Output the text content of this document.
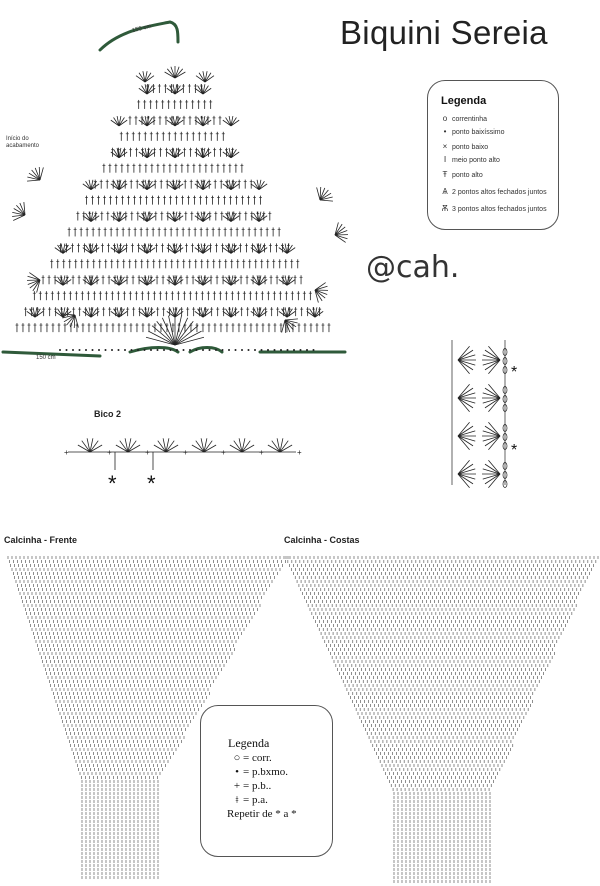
Biquini Sereia
+	+	+	+	+	+
+
150 cm
150 cm
Início do
acabamento
Legenda
o correntinha
• ponto baixíssimo
× ponto baixo
Ⅰ meio ponto alto
Ŧ ponto alto
Ѧ 2 pontos altos fechados juntos
Ѫ 3 pontos altos fechados juntos
@cah.
Bico 2
* *
*
*
Calcinha - Frente	Calcinha - Costas
Legenda
○ = corr.
• = p.bxmo.
+ = p.b..
ǂ = p.a.
Repetir de * a *
